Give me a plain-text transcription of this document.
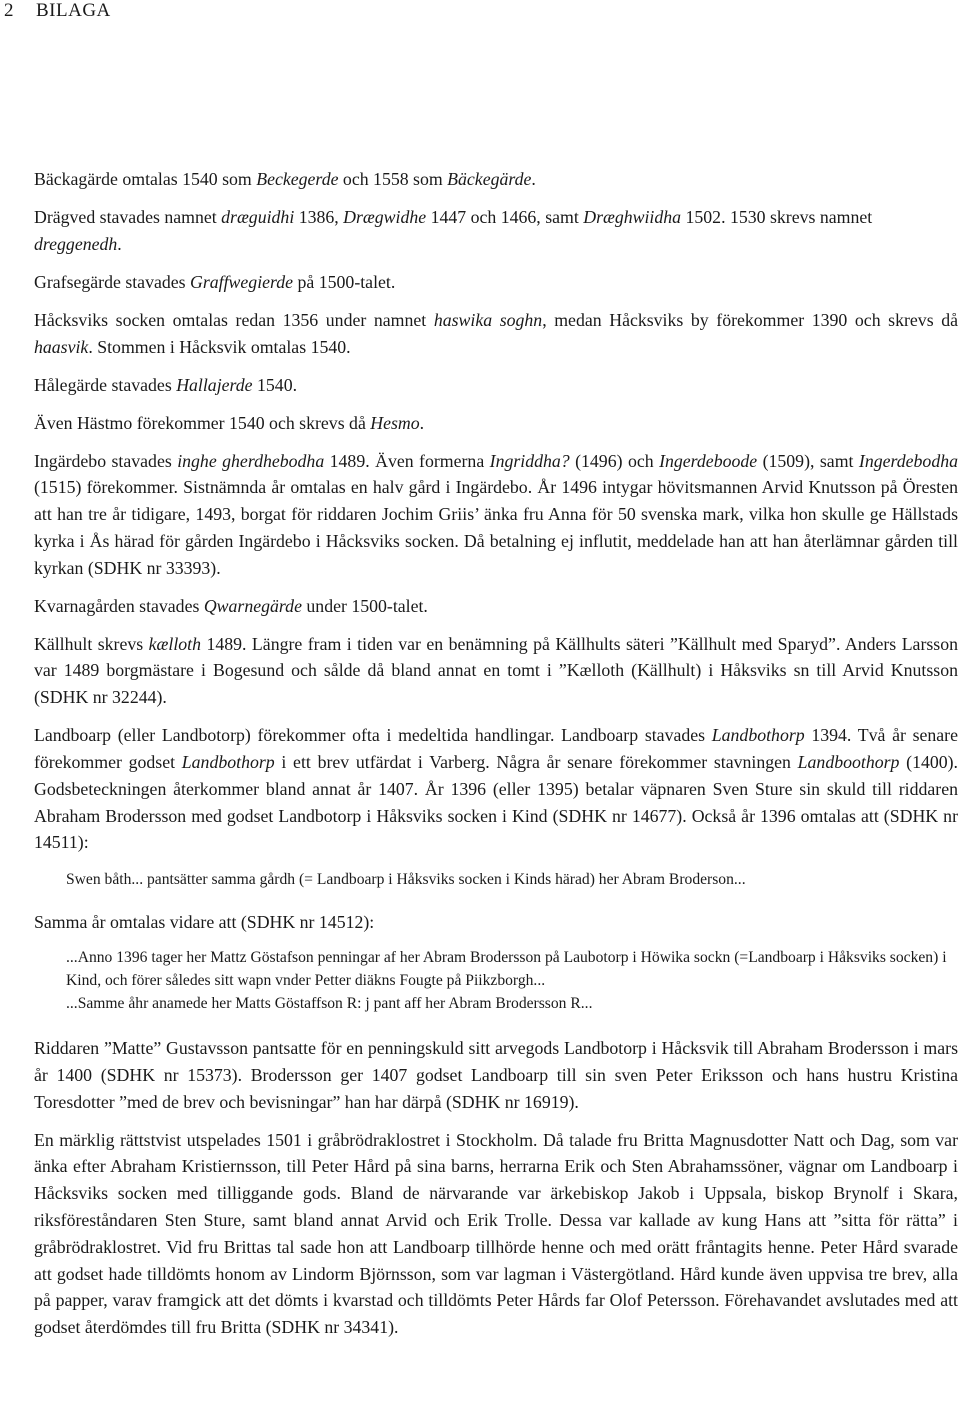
2 BILAGA

Bäckagärde omtalas 1540 som Beckegerde och 1558 som Bäckegärde.

Drägved stavades namnet dræguidhi 1386, Drægwidhe 1447 och 1466, samt Dræghwiidha 1502. 1530 skrevs namnet dreggenedh.

Grafsegärde stavades Graffwegierde på 1500-talet.

Håcksviks socken omtalas redan 1356 under namnet haswika soghn, medan Håcksviks by förekommer 1390 och skrevs då haasvik. Stommen i Håcksvik omtalas 1540.

Hålegärde stavades Hallajerde 1540.

Även Hästmo förekommer 1540 och skrevs då Hesmo.

Ingärdebo stavades inghe gherdhebodha 1489. Även formerna Ingriddha? (1496) och Ingerdeboode (1509), samt Ingerdebodha (1515) förekommer. Sistnämnda år omtalas en halv gård i Ingärdebo. År 1496 intygar hövitsmannen Arvid Knutsson på Öresten att han tre år tidigare, 1493, borgat för riddaren Jochim Griis’ änka fru Anna för 50 svenska mark, vilka hon skulle ge Hällstads kyrka i Ås härad för gården Ingärdebo i Håcksviks socken. Då betalning ej influtit, meddelade han att han återlämnar gården till kyrkan (SDHK nr 33393).

Kvarnagården stavades Qwarnegärde under 1500-talet.

Källhult skrevs kælloth 1489. Längre fram i tiden var en benämning på Källhults säteri ”Källhult med Sparyd”. Anders Larsson var 1489 borgmästare i Bogesund och sålde då bland annat en tomt i ”Kælloth (Källhult) i Håksviks sn till Arvid Knutsson (SDHK nr 32244).

Landboarp (eller Landbotorp) förekommer ofta i medeltida handlingar. Landboarp stavades Landbothorp 1394. Två år senare förekommer godset Landbothorp i ett brev utfärdat i Varberg. Några år senare förekommer stavningen Landboothorp (1400). Godsbeteckningen återkommer bland annat år 1407. År 1396 (eller 1395) betalar väpnaren Sven Sture sin skuld till riddaren Abraham Brodersson med godset Landbotorp i Håksviks socken i Kind (SDHK nr 14677). Också år 1396 omtalas att (SDHK nr 14511):

Swen båth... pantsätter samma gårdh (= Landboarp i Håksviks socken i Kinds härad) her Abram Broderson...

Samma år omtalas vidare att (SDHK nr 14512):

...Anno 1396 tager her Mattz Göstafson penningar af her Abram Brodersson på Laubotorp i Höwika sockn (=Landboarp i Håksviks socken) i Kind, och förer således sitt wapn vnder Petter diäkns Fougte på Piikzborgh...

...Samme åhr anamede her Matts Göstaffson R: j pant aff her Abram Brodersson R...

Riddaren ”Matte” Gustavsson pantsatte för en penningskuld sitt arvegods Landbotorp i Håcksvik till Abraham Brodersson i mars år 1400 (SDHK nr 15373). Brodersson ger 1407 godset Landboarp till sin sven Peter Eriksson och hans hustru Kristina Toresdotter ”med de brev och bevisningar” han har därpå (SDHK nr 16919).

En märklig rättstvist utspelades 1501 i gråbrödraklostret i Stockholm. Då talade fru Britta Magnusdotter Natt och Dag, som var änka efter Abraham Kristiernsson, till Peter Hård på sina barns, herrarna Erik och Sten Abrahamssöner, vägnar om Landboarp i Håcksviks socken med tilliggande gods. Bland de närvarande var ärkebiskop Jakob i Uppsala, biskop Brynolf i Skara, riksföreståndaren Sten Sture, samt bland annat Arvid och Erik Trolle. Dessa var kallade av kung Hans att ”sitta för rätta” i gråbrödraklostret. Vid fru Brittas tal sade hon att Landboarp tillhörde henne och med orätt fråntagits henne. Peter Hård svarade att godset hade tilldömts honom av Lindorm Björnsson, som var lagman i Västergötland. Hård kunde även uppvisa tre brev, alla på papper, varav framgick att det dömts i kvarstad och tilldömts Peter Hårds far Olof Petersson. Förehavandet avslutades med att godset återdömdes till fru Britta (SDHK nr 34341).
